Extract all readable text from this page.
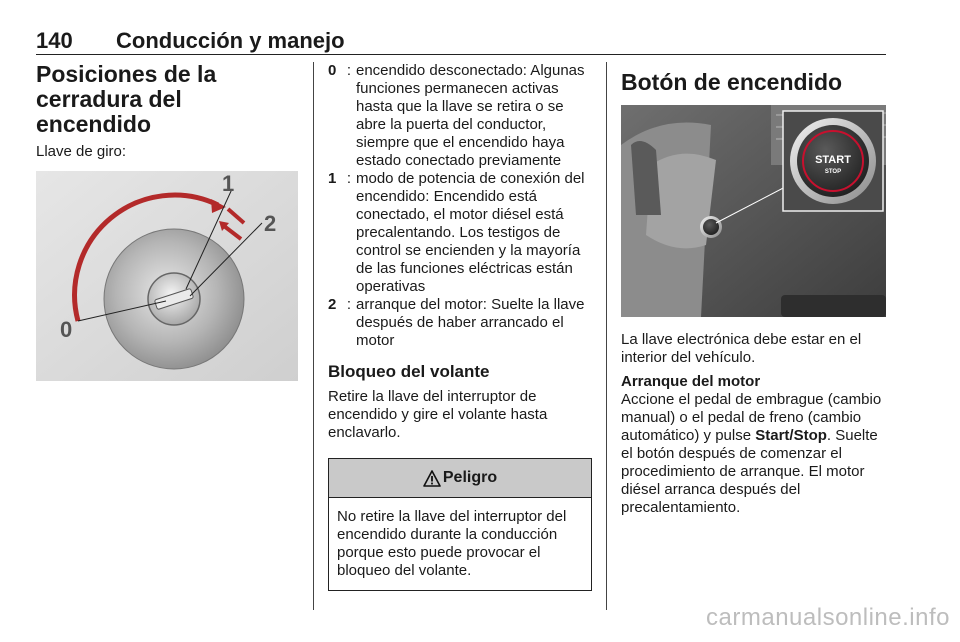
140 Conducción y manejo
Posiciones de la cerradura del encendido

Llave de giro:

0
1
2
0 : encendido desconectado: Algunas funciones permanecen activas hasta que la llave se retira o se abre la puerta del conductor, siempre que el encendido haya estado conectado previamente
1 : modo de potencia de conexión del encendido: Encendido está conectado, el motor diésel está precalentando. Los testigos de control se encienden y la mayoría de las funciones eléctricas están operativas
2 : arranque del motor: Suelte la llave después de haber arrancado el motor
Bloqueo del volante

Retire la llave del interruptor de encendido y gire el volante hasta enclavarlo.

Peligro
No retire la llave del interruptor del encendido durante la conducción porque esto puede provocar el bloqueo del volante.
Botón de encendido
START
STOP

La llave electrónica debe estar en el interior del vehículo.

Arranque del motor

Accione el pedal de embrague (cambio manual) o el pedal de freno (cambio automático) y pulse Start/Stop. Suelte el botón después de comenzar el procedimiento de arranque. El motor diésel arranca después del precalentamiento.

carmanualsonline.info
